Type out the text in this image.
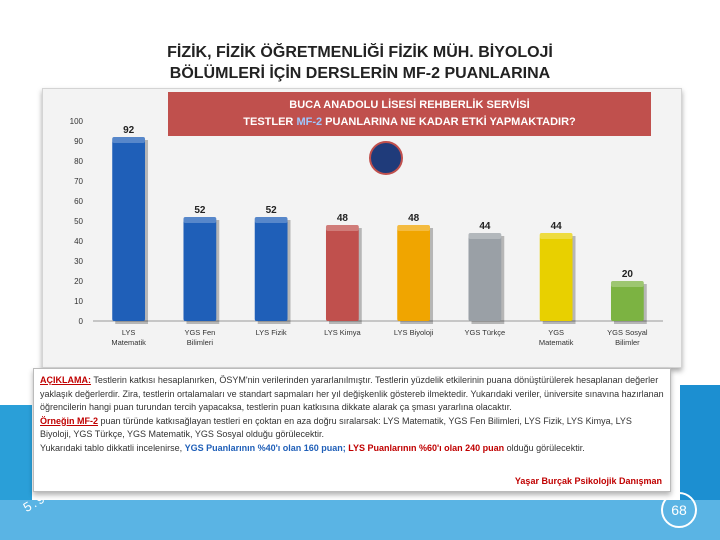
FİZİK, FİZİK ÖĞRETMENLİĞİ FİZİK MÜH. BİYOLOJİ
BÖLÜMLERİ İÇİN DERSLERİN MF-2 PUANLARINA
68
0
10
20
30
40
50
60
70
80
90
100
92
LYS
Matematik
52
YGS Fen
Bilimleri
52
LYS Fizik
48
LYS Kimya
48
LYS Biyoloji
44
YGS Türkçe
44
YGS
Matematik
20
YGS Sosyal
Bilimler
BUCA ANADOLU LİSESİ REHBERLİK SERVİSİ
TESTLER MF-2 PUANLARINA NE KADAR ETKİ YAPMAKTADIR?
AÇIKLAMA: Testlerin katkısı hesaplanırken, ÖSYM'nin verilerinden yararlanılmıştır. Testlerin yüzdelik etkilerinin puana dönüştürülerek hesaplanan değerler yaklaşık değerlerdir. Zira, testlerin ortalamaları ve standart sapmaları her yıl değişkenlik göstereb ilmektedir. Yukarıdaki veriler, üniversite sınavına hazırlanan öğrencilerin hangi puan turundan tercih yapacaksa, testlerin puan katkısına dikkate alarak ça şması yararlına olacaktır.
Örneğin MF-2 puan türünde katkısağlayan testleri en çoktan en aza doğru sıralarsak: LYS Matematik, YGS Fen Bilimleri, LYS Fizik, LYS Kimya, LYS Biyoloji, YGS Türkçe, YGS Matematik, YGS Sosyal olduğu görülecektir.
Yukarıdaki tablo dikkatli incelenirse, YGS Puanlarının %40'ı olan 160 puan; LYS Puanlarının %60'ı olan 240 puan olduğu görülecektir.
Yaşar Burçak Psikolojik Danışman
